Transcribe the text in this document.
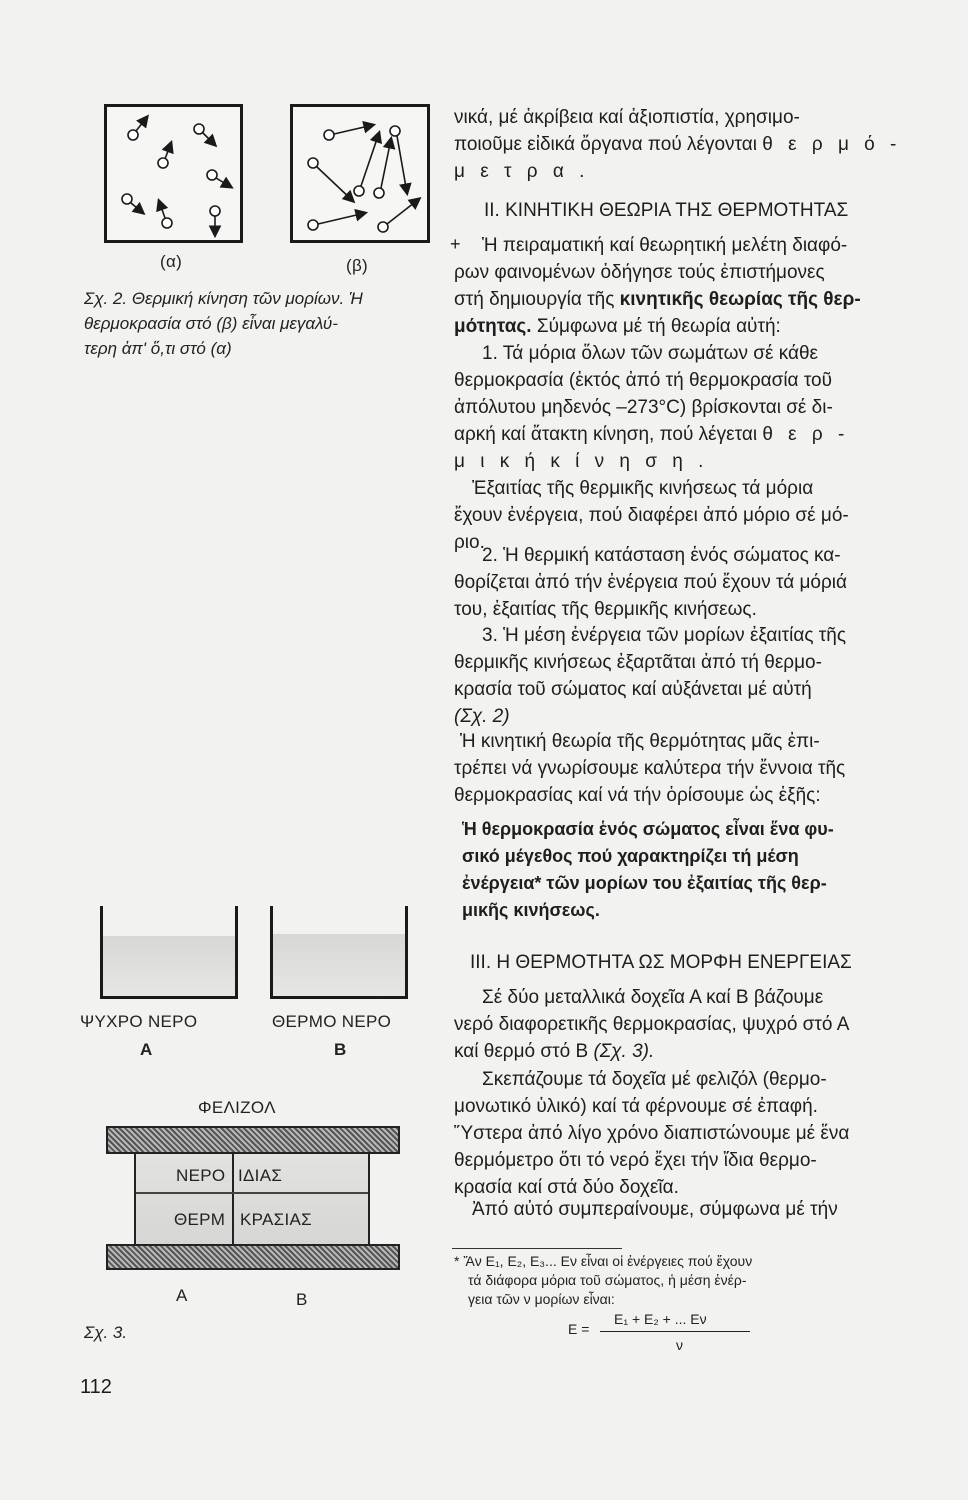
(α)	(β)
Σχ. 2. Θερμική κίνηση τῶν μορίων. Ἡ
θερμοκρασία στό (β) εἶναι μεγαλύ-
τερη ἀπ' ὅ,τι στό (α)
ΨΥΧΡΟ ΝΕΡΟ	ΘΕΡΜΟ ΝΕΡΟ
Α	Β
ΦΕΛΙΖΟΛ
ΝΕΡΟ ΙΔΙΑΣ
ΘΕΡΜ ΚΡΑΣΙΑΣ
Α	Β
Σχ. 3.
112
νικά, μέ ἀκρίβεια καί ἀξιοπιστία, χρησιμο-
ποιοῦμε εἰδικά ὄργανα πού λέγονται θ ε ρ μ ό -
μ ε τ ρ α .
ΙΙ. ΚΙΝΗΤΙΚΗ ΘΕΩΡΙΑ ΤΗΣ ΘΕΡΜΟΤΗΤΑΣ
+	Ἡ πειραματική καί θεωρητική μελέτη διαφό-
ρων φαινομένων ὁδήγησε τούς ἐπιστήμονες
στή δημιουργία τῆς κινητικῆς θεωρίας τῆς θερ-
μότητας. Σύμφωνα μέ τή θεωρία αὐτή:
1. Τά μόρια ὅλων τῶν σωμάτων σέ κάθε
θερμοκρασία (ἐκτός ἀπό τή θερμοκρασία τοῦ
ἀπόλυτου μηδενός –273°C) βρίσκονται σέ δι-
αρκή καί ἄτακτη κίνηση, πού λέγεται θ ε ρ -
μ ι κ ή κ ί ν η σ η .
Ἐξαιτίας τῆς θερμικῆς κινήσεως τά μόρια
ἔχουν ἐνέργεια, πού διαφέρει ἀπό μόριο σέ μό-
ριο.
2. Ἡ θερμική κατάσταση ἑνός σώματος κα-
θορίζεται ἀπό τήν ἐνέργεια πού ἔχουν τά μόριά
του, ἐξαιτίας τῆς θερμικῆς κινήσεως.
3. Ἡ μέση ἐνέργεια τῶν μορίων ἐξαιτίας τῆς
θερμικῆς κινήσεως ἐξαρτᾶται ἀπό τή θερμο-
κρασία τοῦ σώματος καί αὐξάνεται μέ αὐτή
(Σχ. 2)
Ἡ κινητική θεωρία τῆς θερμότητας μᾶς ἐπι-
τρέπει νά γνωρίσουμε καλύτερα τήν ἔννοια τῆς
θερμοκρασίας καί νά τήν ὁρίσουμε ὡς ἑξῆς:
Ἡ θερμοκρασία ἑνός σώματος εἶναι ἕνα φυ-
σικό μέγεθος πού χαρακτηρίζει τή μέση
ἐνέργεια* τῶν μορίων του ἐξαιτίας τῆς θερ-
μικῆς κινήσεως.
ΙΙΙ. Η ΘΕΡΜΟΤΗΤΑ ΩΣ ΜΟΡΦΗ ΕΝΕΡΓΕΙΑΣ
Σέ δύο μεταλλικά δοχεῖα Α καί Β βάζουμε
νερό διαφορετικῆς θερμοκρασίας, ψυχρό στό Α
καί θερμό στό Β (Σχ. 3).
Σκεπάζουμε τά δοχεῖα μέ φελιζόλ (θερμο-
μονωτικό ὑλικό) καί τά φέρνουμε σέ ἐπαφή.
Ὕστερα ἀπό λίγο χρόνο διαπιστώνουμε μέ ἕνα
θερμόμετρο ὅτι τό νερό ἔχει τήν ἴδια θερμο-
κρασία καί στά δύο δοχεῖα.
Ἀπό αὐτό συμπεραίνουμε, σύμφωνα μέ τήν
* Ἄν Ε₁, Ε₂, Ε₃... Εν εἶναι οἱ ἐνέργειες πού ἔχουν
τά διάφορα μόρια τοῦ σώματος, ἡ μέση ἐνέρ-
γεια τῶν ν μορίων εἶναι:
Ε =
Ε₁ + Ε₂ + ... Εν
ν
